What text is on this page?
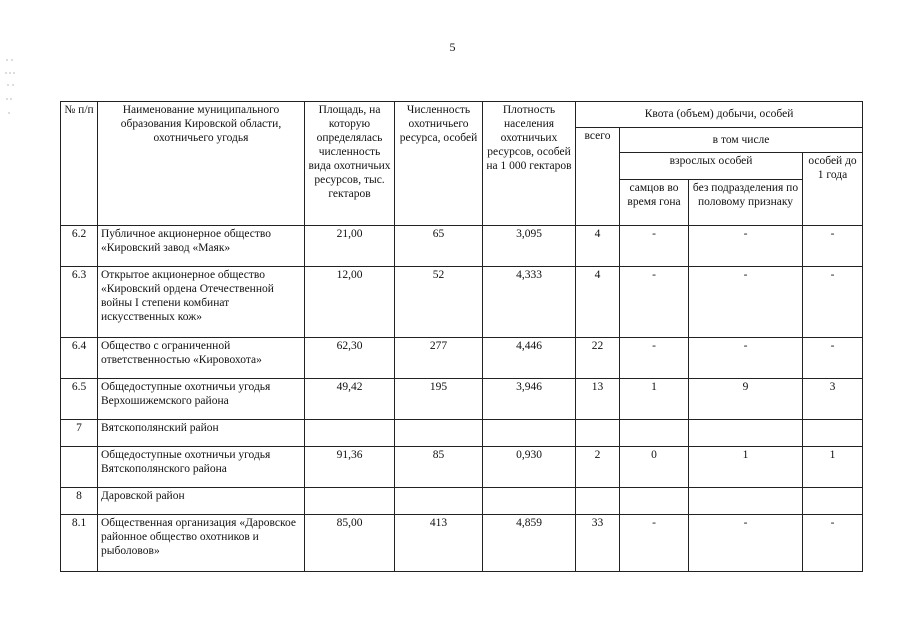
5
№ п/п	Наименование муниципального образования Кировской области, охотничьего угодья	Площадь, на которую определялась численность вида охотничьих ресурсов, тыс. гектаров	Численность охотничьего ресурса, особей	Плотность населения охотничьих ресурсов, особей на 1 000 гектаров	Квота (объем) добычи, особей			
					всего	в том числе		
						взрослых особей		особей до 1 года
						самцов во время гона	без подразделения по половому признаку	
6.2	Публичное акционерное общество «Кировский завод «Маяк»	21,00	65	3,095	4	-	-	-
6.3	Открытое акционерное общество «Кировский ордена Отечественной войны I степени комбинат искусственных кож»	12,00	52	4,333	4	-	-	-
6.4	Общество с ограниченной ответственностью «Кировохота»	62,30	277	4,446	22	-	-	-
6.5	Общедоступные охотничьи угодья Верхошижемского района	49,42	195	3,946	13	1	9	3
7	Вятскополянский район							
	Общедоступные охотничьи угодья Вятскополянского района	91,36	85	0,930	2	0	1	1
8	Даровской район							
8.1	Общественная организация «Даровское районное общество охотников и рыболовов»	85,00	413	4,859	33	-	-	-
